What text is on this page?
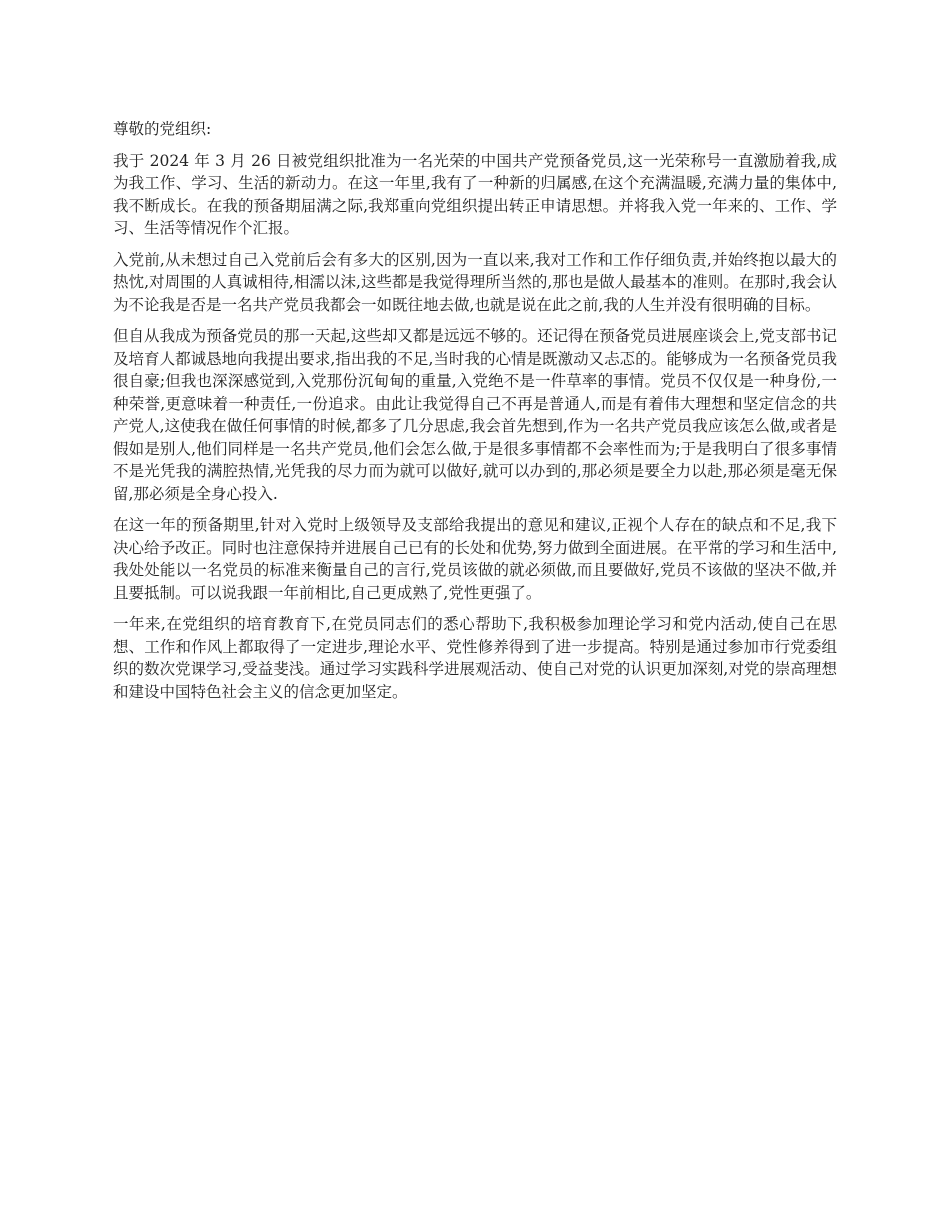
尊敬的党组织:

我于 2024 年 3 月 26 日被党组织批准为一名光荣的中国共产党预备党员,这一光荣称号一直激励着我,成为我工作、学习、生活的新动力。在这一年里,我有了一种新的归属感,在这个充满温暖,充满力量的集体中,我不断成长。在我的预备期届满之际,我郑重向党组织提出转正申请思想。并将我入党一年来的、工作、学习、生活等情况作个汇报。

入党前,从未想过自己入党前后会有多大的区别,因为一直以来,我对工作和工作仔细负责,并始终抱以最大的热忱,对周围的人真诚相待,相濡以沫,这些都是我觉得理所当然的,那也是做人最基本的准则。在那时,我会认为不论我是否是一名共产党员我都会一如既往地去做,也就是说在此之前,我的人生并没有很明确的目标。

但自从我成为预备党员的那一天起,这些却又都是远远不够的。还记得在预备党员进展座谈会上,党支部书记及培育人都诚恳地向我提出要求,指出我的不足,当时我的心情是既激动又忐忑的。能够成为一名预备党员我很自豪;但我也深深感觉到,入党那份沉甸甸的重量,入党绝不是一件草率的事情。党员不仅仅是一种身份,一种荣誉,更意味着一种责任,一份追求。由此让我觉得自己不再是普通人,而是有着伟大理想和坚定信念的共产党人,这使我在做任何事情的时候,都多了几分思虑,我会首先想到,作为一名共产党员我应该怎么做,或者是假如是别人,他们同样是一名共产党员,他们会怎么做,于是很多事情都不会率性而为;于是我明白了很多事情不是光凭我的满腔热情,光凭我的尽力而为就可以做好,就可以办到的,那必须是要全力以赴,那必须是毫无保留,那必须是全身心投入.

在这一年的预备期里,针对入党时上级领导及支部给我提出的意见和建议,正视个人存在的缺点和不足,我下决心给予改正。同时也注意保持并进展自己已有的长处和优势,努力做到全面进展。在平常的学习和生活中,我处处能以一名党员的标准来衡量自己的言行,党员该做的就必须做,而且要做好,党员不该做的坚决不做,并且要抵制。可以说我跟一年前相比,自己更成熟了,党性更强了。

一年来,在党组织的培育教育下,在党员同志们的悉心帮助下,我积极参加理论学习和党内活动,使自己在思想、工作和作风上都取得了一定进步,理论水平、党性修养得到了进一步提高。特别是通过参加市行党委组织的数次党课学习,受益斐浅。通过学习实践科学进展观活动、使自己对党的认识更加深刻,对党的崇高理想和建设中国特色社会主义的信念更加坚定。
